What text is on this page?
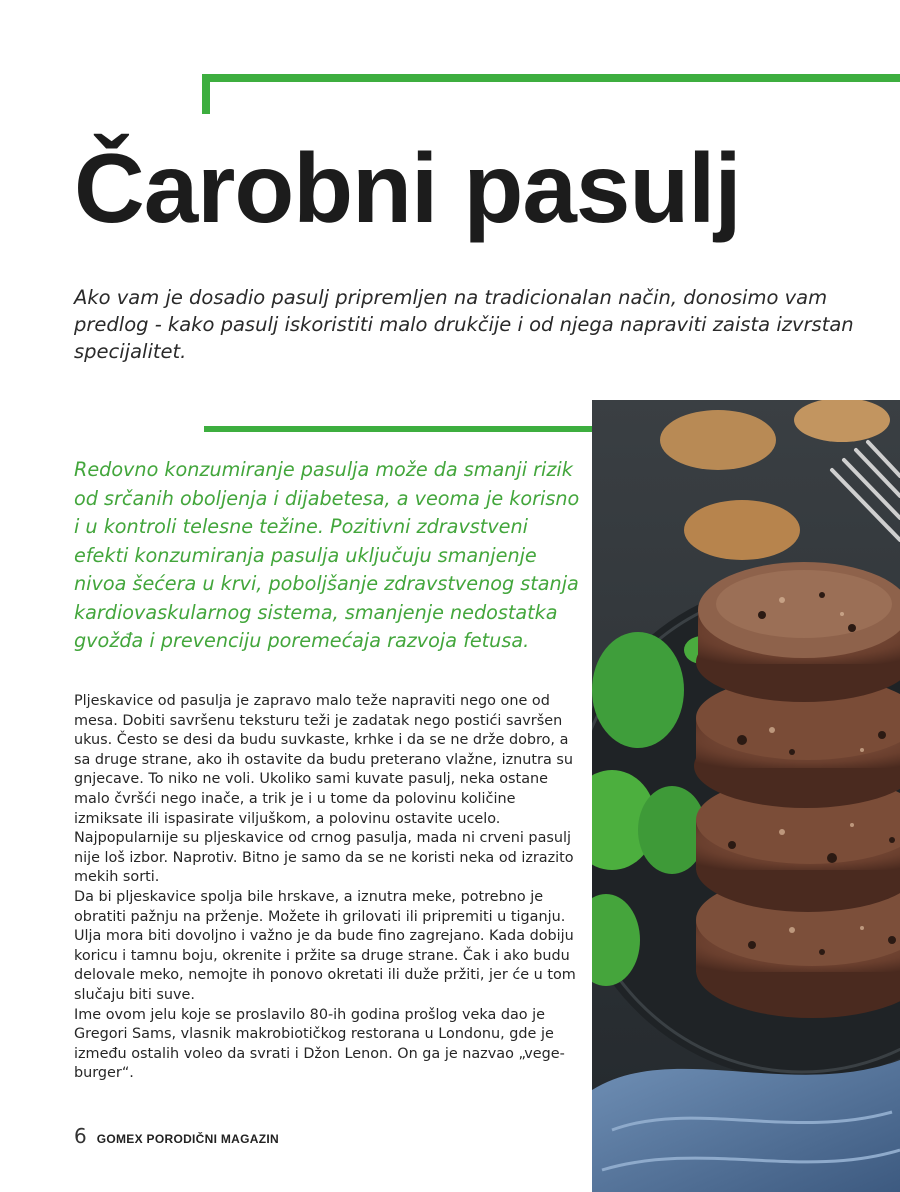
Čarobni pasulj

Ako vam je dosadio pasulj pripremljen na tradicionalan način, donosimo vam predlog - kako pasulj iskoristiti malo drukčije i od njega napraviti zaista izvrstan specijalitet.

Redovno konzumiranje pasulja može da smanji rizik od srčanih oboljenja i dijabetesa, a veoma je korisno i u kontroli telesne težine. Pozitivni zdravstveni efekti konzumiranja pasulja uključuju smanjenje nivoa šećera u krvi, poboljšanje zdravstvenog stanja kardiovaskularnog sistema, smanjenje nedostatka gvožđa i prevenciju poremećaja razvoja fetusa.

Pljeskavice od pasulja je zapravo malo teže napraviti nego one od mesa. Dobiti savršenu teksturu teži je zadatak nego postići savršen ukus. Često se desi da budu suvkaste, krhke i da se ne drže dobro, a sa druge strane, ako ih ostavite da budu preterano vlažne, iznutra su gnjecave. To niko ne voli. Ukoliko sami kuvate pasulj, neka ostane malo čvršći nego inače, a trik je i u tome da polovinu količine izmiksate ili ispasirate viljuškom, a polovinu ostavite ucelo. Najpopularnije su pljeskavice od crnog pasulja, mada ni crveni pasulj nije loš izbor. Naprotiv. Bitno je samo da se ne koristi neka od izrazito mekih sorti.

Da bi pljeskavice spolja bile hrskave, a iznutra meke, potrebno je obratiti pažnju na prženje. Možete ih grilovati ili pripremiti u tiganju. Ulja mora biti dovoljno i važno je da bude fino zagrejano. Kada dobiju koricu i tamnu boju, okrenite i pržite sa druge strane. Čak i ako budu delovale meko, nemojte ih ponovo okretati ili duže pržiti, jer će u tom slučaju biti suve.

Ime ovom jelu koje se proslavilo 80-ih godina prošlog veka dao je Gregori Sams, vlasnik makrobiotičkog restorana u Londonu, gde je između ostalih voleo da svrati i Džon Lenon. On ga je nazvao „vege-burger“.

6 GOMEX PORODIČNI MAGAZIN
